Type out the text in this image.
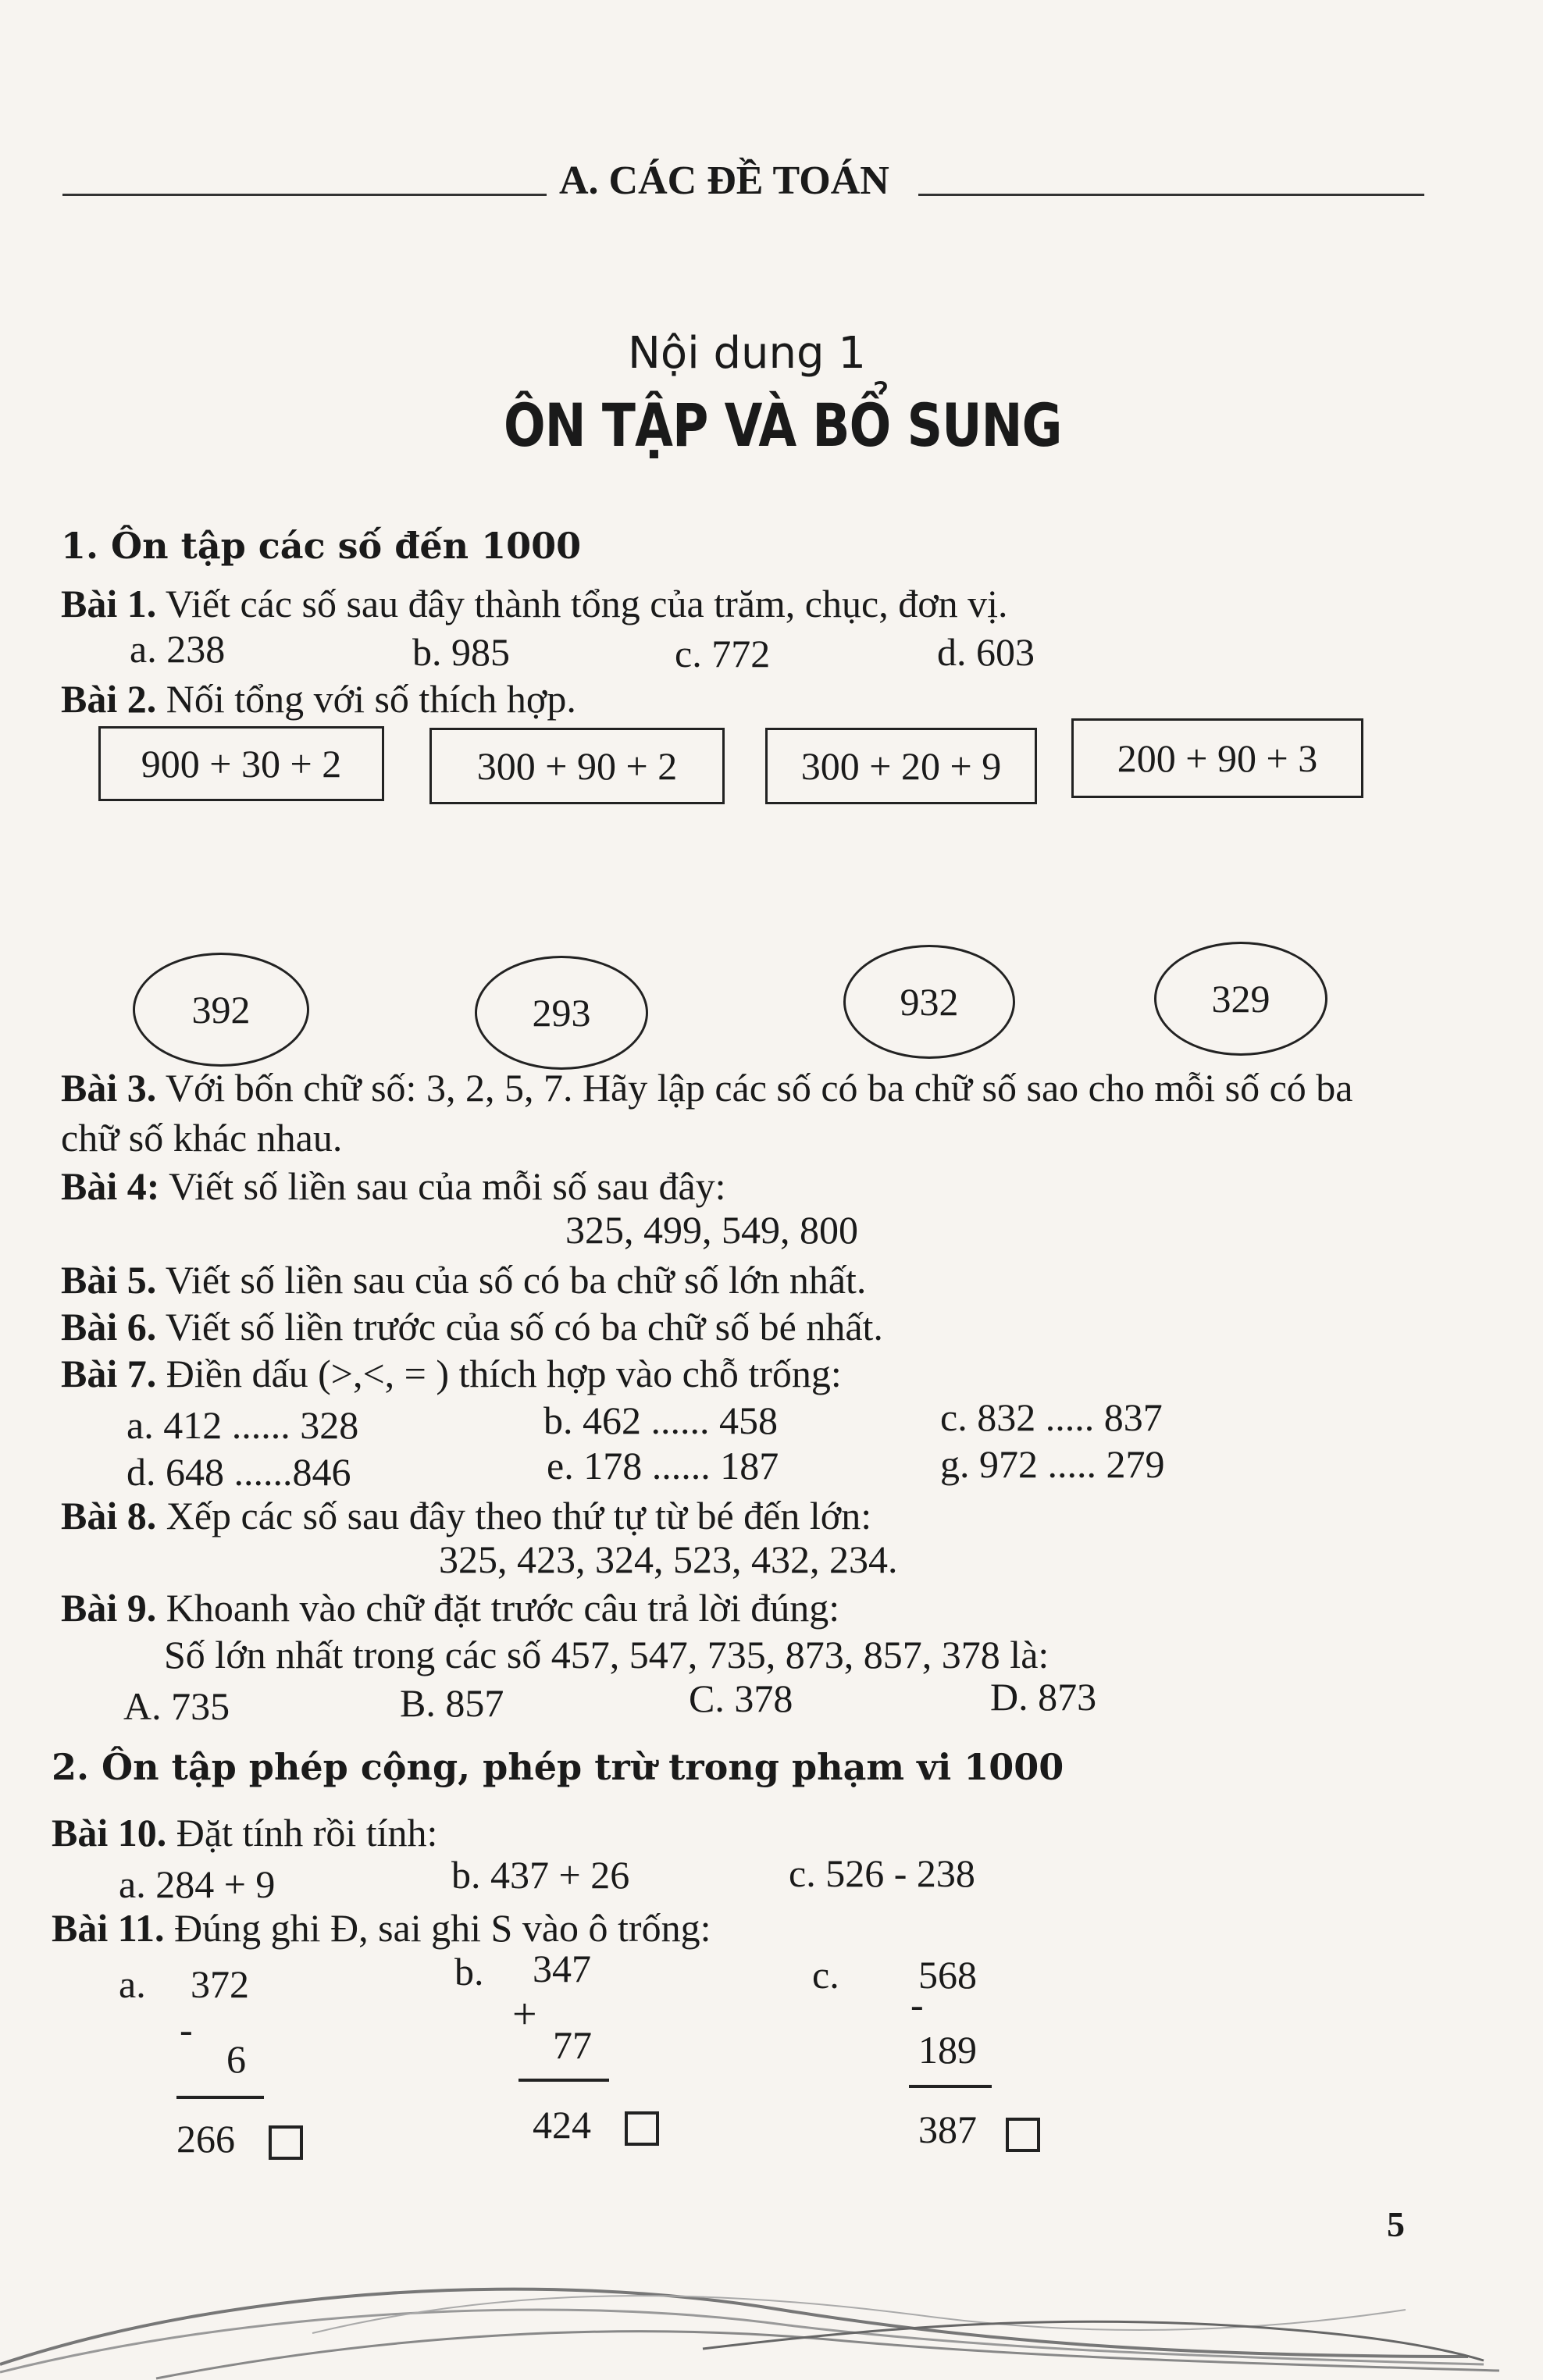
A. CÁC ĐỀ TOÁN
Nội dung 1
ÔN TẬP VÀ BỔ SUNG
1. Ôn tập các số đến 1000
Bài 1. Viết các số sau đây thành tổng của trăm, chục, đơn vị.
a. 238	b. 985	c. 772	d. 603
Bài 2. Nối tổng với số thích hợp.
900 + 30 + 2	300 + 90 + 2	300 + 20 + 9	200 + 90 + 3
392	293	932	329
Bài 3. Với bốn chữ số: 3, 2, 5, 7. Hãy lập các số có ba chữ số sao cho mỗi số có ba
chữ số khác nhau.
Bài 4: Viết số liền sau của mỗi số sau đây:
325, 499, 549, 800
Bài 5. Viết số liền sau của số có ba chữ số lớn nhất.
Bài 6. Viết số liền trước của số có ba chữ số bé nhất.
Bài 7. Điền dấu (>,<, = ) thích hợp vào chỗ trống:
a. 412 ...... 328	b. 462 ...... 458	c. 832 ..... 837
d. 648 ......846	e. 178 ...... 187	g. 972 ..... 279
Bài 8. Xếp các số sau đây theo thứ tự từ bé đến lớn:
325, 423, 324, 523, 432, 234.
Bài 9. Khoanh vào chữ đặt trước câu trả lời đúng:
Số lớn nhất trong các số 457, 547, 735, 873, 857, 378 là:
A. 735	B. 857	C. 378	D. 873
2. Ôn tập phép cộng, phép trừ trong phạm vi 1000
Bài 10. Đặt tính rồi tính:
a. 284 + 9	b. 437 + 26	c. 526 - 238
Bài 11. Đúng ghi Đ, sai ghi S vào ô trống:
a. 372
-
6
266
b. 347
+
77
424
c. 568
-
189
387
5
